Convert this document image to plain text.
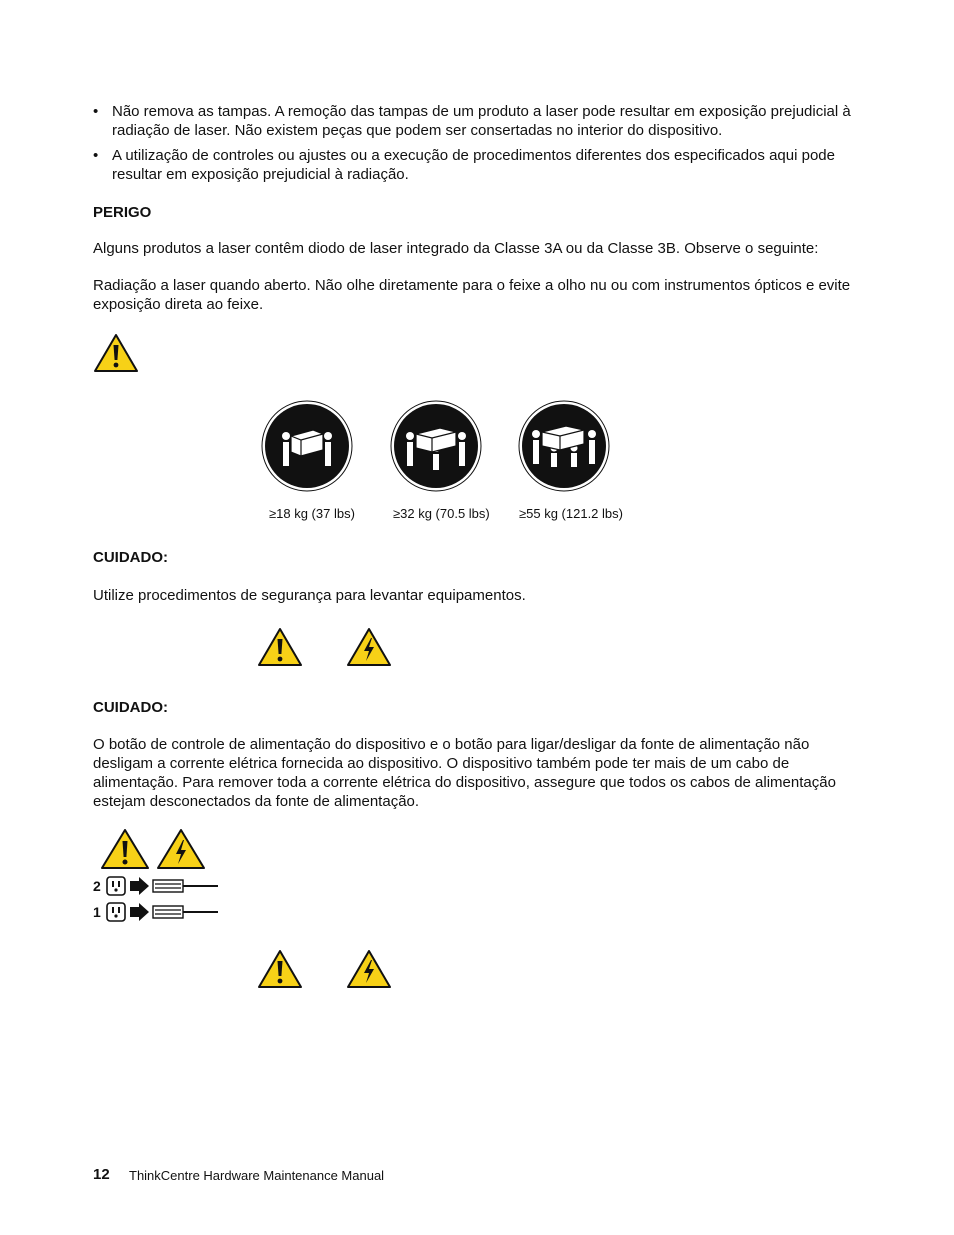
• Não remova as tampas. A remoção das tampas de um produto a laser pode resultar em exposição prejudicial à radiação de laser. Não existem peças que podem ser consertadas no interior do dispositivo.
• A utilização de controles ou ajustes ou a execução de procedimentos diferentes dos especificados aqui pode resultar em exposição prejudicial à radiação.

PERIGO

Alguns produtos a laser contêm diodo de laser integrado da Classe 3A ou da Classe 3B. Observe o seguinte:

Radiação a laser quando aberto. Não olhe diretamente para o feixe a olho nu ou com instrumentos ópticos e evite exposição direta ao feixe.

≥18 kg (37 lbs)	≥32 kg (70.5 lbs) ≥55 kg (121.2 lbs)

CUIDADO:

Utilize procedimentos de segurança para levantar equipamentos.

CUIDADO:

O botão de controle de alimentação do dispositivo e o botão para ligar/desligar da fonte de alimentação não desligam a corrente elétrica fornecida ao dispositivo. O dispositivo também pode ter mais de um cabo de alimentação. Para remover toda a corrente elétrica do dispositivo, assegure que todos os cabos de alimentação estejam desconectados da fonte de alimentação.

2
1
12 ThinkCentre Hardware Maintenance Manual
